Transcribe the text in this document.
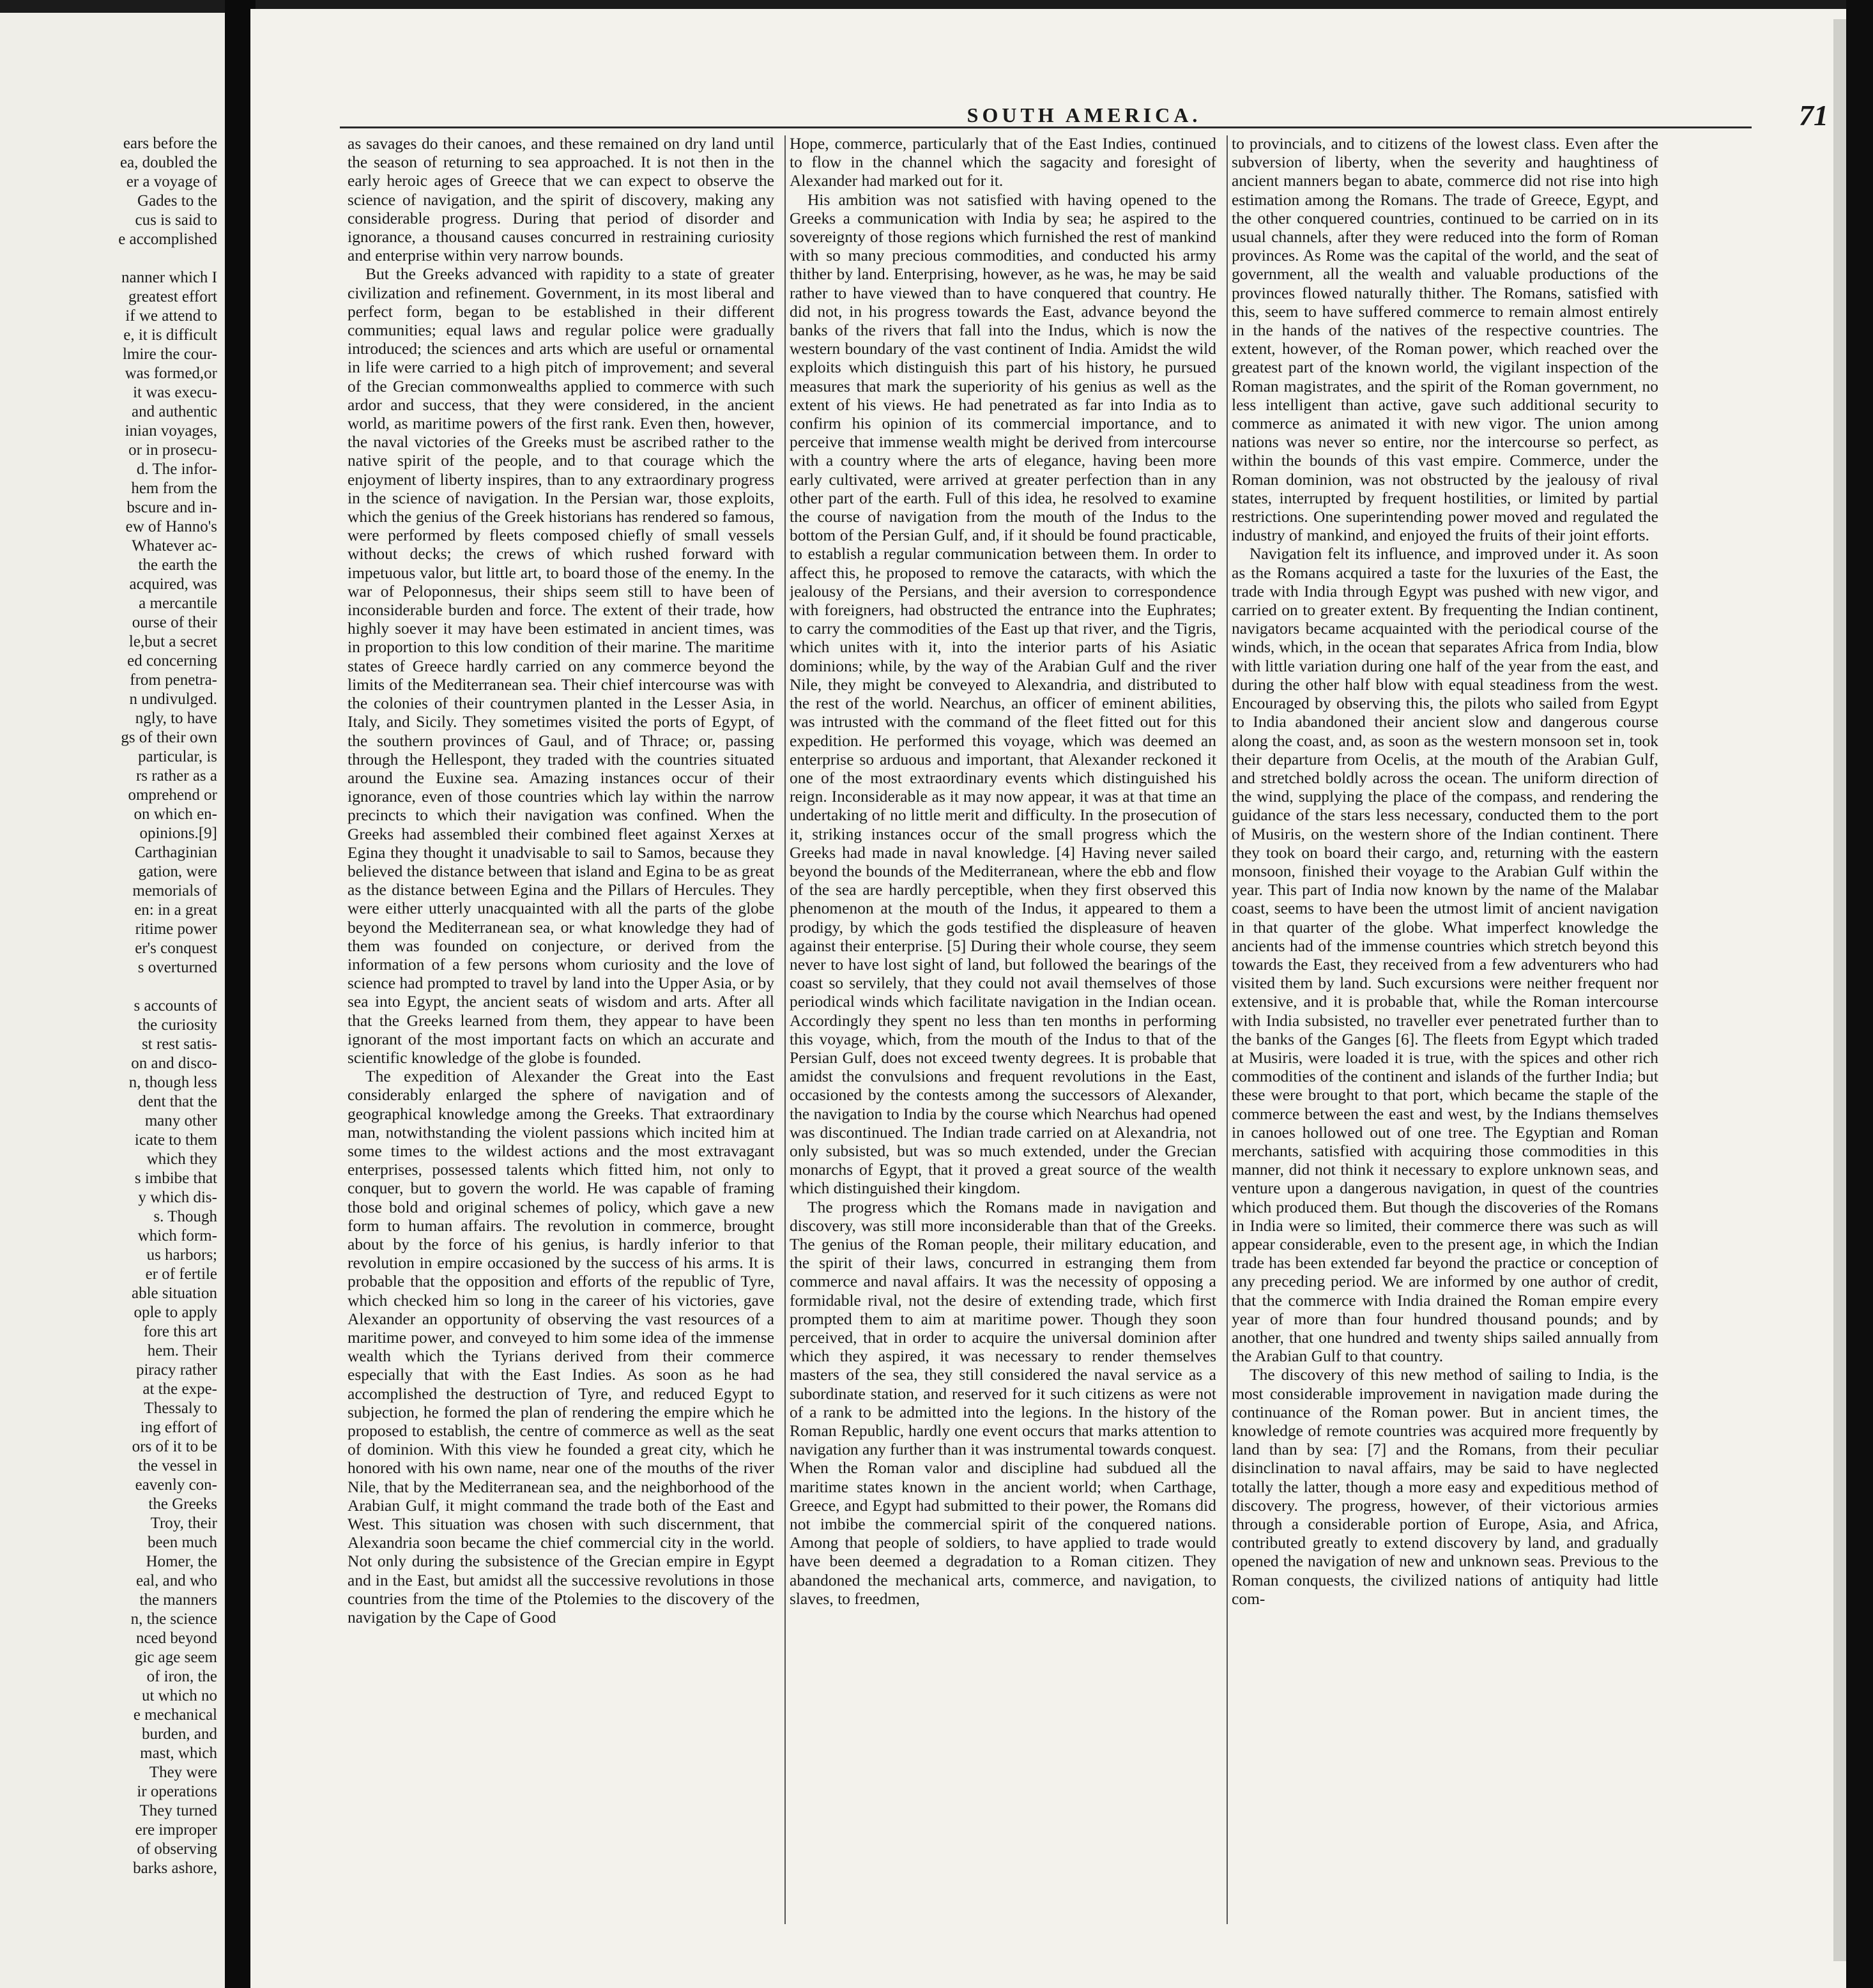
ears before the
ea, doubled the
er a voyage of
Gades to the
cus is said to
e accomplished

nanner which I
greatest effort
if we attend to
e, it is difficult
lmire the cour-
was formed,or
it was execu-
and authentic
inian voyages,
or in prosecu-
d. The infor-
hem from the
bscure and in-
ew of Hanno's
Whatever ac-
the earth the
acquired, was
a mercantile
ourse of their
le,but a secret
ed concerning
from penetra-
n undivulged.
ngly, to have
gs of their own
particular, is
rs rather as a
omprehend or
on which en-
opinions.[9]
Carthaginian
gation, were
memorials of
en: in a great
ritime power
er's conquest
s overturned

s accounts of
the curiosity
st rest satis-
on and disco-
n, though less
dent that the
many other
icate to them
which they
s imbibe that
y which dis-
s. Though
which form-
us harbors;
er of fertile
able situation
ople to apply
fore this art
hem. Their
piracy rather
at the expe-
Thessaly to
ing effort of
ors of it to be
the vessel in
eavenly con-
the Greeks
Troy, their
been much
Homer, the
eal, and who
the manners
n, the science
nced beyond
gic age seem
of iron, the
ut which no
e mechanical
burden, and
mast, which
They were
ir operations
They turned
ere improper
of observing
barks ashore,
SOUTH AMERICA.	71

as savages do their canoes, and these remained on dry land until the season of returning to sea approached. It is not then in the early heroic ages of Greece that we can expect to observe the science of navigation, and the spirit of discovery, making any considerable progress. During that period of disorder and ignorance, a thousand causes concurred in restraining curiosity and enterprise within very narrow bounds.

But the Greeks advanced with rapidity to a state of greater civilization and refinement. Government, in its most liberal and perfect form, began to be established in their different communities; equal laws and regular police were gradually introduced; the sciences and arts which are useful or ornamental in life were carried to a high pitch of improvement; and several of the Grecian commonwealths applied to commerce with such ardor and success, that they were considered, in the ancient world, as maritime powers of the first rank. Even then, however, the naval victories of the Greeks must be ascribed rather to the native spirit of the people, and to that courage which the enjoyment of liberty inspires, than to any extraordinary progress in the science of navigation. In the Persian war, those exploits, which the genius of the Greek historians has rendered so famous, were performed by fleets composed chiefly of small vessels without decks; the crews of which rushed forward with impetuous valor, but little art, to board those of the enemy. In the war of Peloponnesus, their ships seem still to have been of inconsiderable burden and force. The extent of their trade, how highly soever it may have been estimated in ancient times, was in proportion to this low condition of their marine. The maritime states of Greece hardly carried on any commerce beyond the limits of the Mediterranean sea. Their chief intercourse was with the colonies of their countrymen planted in the Lesser Asia, in Italy, and Sicily. They sometimes visited the ports of Egypt, of the southern provinces of Gaul, and of Thrace; or, passing through the Hellespont, they traded with the countries situated around the Euxine sea. Amazing instances occur of their ignorance, even of those countries which lay within the narrow precincts to which their navigation was confined. When the Greeks had assembled their combined fleet against Xerxes at Egina they thought it unadvisable to sail to Samos, because they believed the distance between that island and Egina to be as great as the distance between Egina and the Pillars of Hercules. They were either utterly unacquainted with all the parts of the globe beyond the Mediterranean sea, or what knowledge they had of them was founded on conjecture, or derived from the information of a few persons whom curiosity and the love of science had prompted to travel by land into the Upper Asia, or by sea into Egypt, the ancient seats of wisdom and arts. After all that the Greeks learned from them, they appear to have been ignorant of the most important facts on which an accurate and scientific knowledge of the globe is founded.

The expedition of Alexander the Great into the East considerably enlarged the sphere of navigation and of geographical knowledge among the Greeks. That extraordinary man, notwithstanding the violent passions which incited him at some times to the wildest actions and the most extravagant enterprises, possessed talents which fitted him, not only to conquer, but to govern the world. He was capable of framing those bold and original schemes of policy, which gave a new form to human affairs. The revolution in commerce, brought about by the force of his genius, is hardly inferior to that revolution in empire occasioned by the success of his arms. It is probable that the opposition and efforts of the republic of Tyre, which checked him so long in the career of his victories, gave Alexander an opportunity of observing the vast resources of a maritime power, and conveyed to him some idea of the immense wealth which the Tyrians derived from their commerce especially that with the East Indies. As soon as he had accomplished the destruction of Tyre, and reduced Egypt to subjection, he formed the plan of rendering the empire which he proposed to establish, the centre of commerce as well as the seat of dominion. With this view he founded a great city, which he honored with his own name, near one of the mouths of the river Nile, that by the Mediterranean sea, and the neighborhood of the Arabian Gulf, it might command the trade both of the East and West. This situation was chosen with such discernment, that Alexandria soon became the chief commercial city in the world. Not only during the subsistence of the Grecian empire in Egypt and in the East, but amidst all the successive revolutions in those countries from the time of the Ptolemies to the discovery of the navigation by the Cape of Good

Hope, commerce, particularly that of the East Indies, continued to flow in the channel which the sagacity and foresight of Alexander had marked out for it.

His ambition was not satisfied with having opened to the Greeks a communication with India by sea; he aspired to the sovereignty of those regions which furnished the rest of mankind with so many precious commodities, and conducted his army thither by land. Enterprising, however, as he was, he may be said rather to have viewed than to have conquered that country. He did not, in his progress towards the East, advance beyond the banks of the rivers that fall into the Indus, which is now the western boundary of the vast continent of India. Amidst the wild exploits which distinguish this part of his history, he pursued measures that mark the superiority of his genius as well as the extent of his views. He had penetrated as far into India as to confirm his opinion of its commercial importance, and to perceive that immense wealth might be derived from intercourse with a country where the arts of elegance, having been more early cultivated, were arrived at greater perfection than in any other part of the earth. Full of this idea, he resolved to examine the course of navigation from the mouth of the Indus to the bottom of the Persian Gulf, and, if it should be found practicable, to establish a regular communication between them. In order to affect this, he proposed to remove the cataracts, with which the jealousy of the Persians, and their aversion to correspondence with foreigners, had obstructed the entrance into the Euphrates; to carry the commodities of the East up that river, and the Tigris, which unites with it, into the interior parts of his Asiatic dominions; while, by the way of the Arabian Gulf and the river Nile, they might be conveyed to Alexandria, and distributed to the rest of the world. Nearchus, an officer of eminent abilities, was intrusted with the command of the fleet fitted out for this expedition. He performed this voyage, which was deemed an enterprise so arduous and important, that Alexander reckoned it one of the most extraordinary events which distinguished his reign. Inconsiderable as it may now appear, it was at that time an undertaking of no little merit and difficulty. In the prosecution of it, striking instances occur of the small progress which the Greeks had made in naval knowledge. [4] Having never sailed beyond the bounds of the Mediterranean, where the ebb and flow of the sea are hardly perceptible, when they first observed this phenomenon at the mouth of the Indus, it appeared to them a prodigy, by which the gods testified the displeasure of heaven against their enterprise. [5] During their whole course, they seem never to have lost sight of land, but followed the bearings of the coast so servilely, that they could not avail themselves of those periodical winds which facilitate navigation in the Indian ocean. Accordingly they spent no less than ten months in performing this voyage, which, from the mouth of the Indus to that of the Persian Gulf, does not exceed twenty degrees. It is probable that amidst the convulsions and frequent revolutions in the East, occasioned by the contests among the successors of Alexander, the navigation to India by the course which Nearchus had opened was discontinued. The Indian trade carried on at Alexandria, not only subsisted, but was so much extended, under the Grecian monarchs of Egypt, that it proved a great source of the wealth which distinguished their kingdom.

The progress which the Romans made in navigation and discovery, was still more inconsiderable than that of the Greeks. The genius of the Roman people, their military education, and the spirit of their laws, concurred in estranging them from commerce and naval affairs. It was the necessity of opposing a formidable rival, not the desire of extending trade, which first prompted them to aim at maritime power. Though they soon perceived, that in order to acquire the universal dominion after which they aspired, it was necessary to render themselves masters of the sea, they still considered the naval service as a subordinate station, and reserved for it such citizens as were not of a rank to be admitted into the legions. In the history of the Roman Republic, hardly one event occurs that marks attention to navigation any further than it was instrumental towards conquest. When the Roman valor and discipline had subdued all the maritime states known in the ancient world; when Carthage, Greece, and Egypt had submitted to their power, the Romans did not imbibe the commercial spirit of the conquered nations. Among that people of soldiers, to have applied to trade would have been deemed a degradation to a Roman citizen. They abandoned the mechanical arts, commerce, and navigation, to slaves, to freedmen,

to provincials, and to citizens of the lowest class. Even after the subversion of liberty, when the severity and haughtiness of ancient manners began to abate, commerce did not rise into high estimation among the Romans. The trade of Greece, Egypt, and the other conquered countries, continued to be carried on in its usual channels, after they were reduced into the form of Roman provinces. As Rome was the capital of the world, and the seat of government, all the wealth and valuable productions of the provinces flowed naturally thither. The Romans, satisfied with this, seem to have suffered commerce to remain almost entirely in the hands of the natives of the respective countries. The extent, however, of the Roman power, which reached over the greatest part of the known world, the vigilant inspection of the Roman magistrates, and the spirit of the Roman government, no less intelligent than active, gave such additional security to commerce as animated it with new vigor. The union among nations was never so entire, nor the intercourse so perfect, as within the bounds of this vast empire. Commerce, under the Roman dominion, was not obstructed by the jealousy of rival states, interrupted by frequent hostilities, or limited by partial restrictions. One superintending power moved and regulated the industry of mankind, and enjoyed the fruits of their joint efforts.

Navigation felt its influence, and improved under it. As soon as the Romans acquired a taste for the luxuries of the East, the trade with India through Egypt was pushed with new vigor, and carried on to greater extent. By frequenting the Indian continent, navigators became acquainted with the periodical course of the winds, which, in the ocean that separates Africa from India, blow with little variation during one half of the year from the east, and during the other half blow with equal steadiness from the west. Encouraged by observing this, the pilots who sailed from Egypt to India abandoned their ancient slow and dangerous course along the coast, and, as soon as the western monsoon set in, took their departure from Ocelis, at the mouth of the Arabian Gulf, and stretched boldly across the ocean. The uniform direction of the wind, supplying the place of the compass, and rendering the guidance of the stars less necessary, conducted them to the port of Musiris, on the western shore of the Indian continent. There they took on board their cargo, and, returning with the eastern monsoon, finished their voyage to the Arabian Gulf within the year. This part of India now known by the name of the Malabar coast, seems to have been the utmost limit of ancient navigation in that quarter of the globe. What imperfect knowledge the ancients had of the immense countries which stretch beyond this towards the East, they received from a few adventurers who had visited them by land. Such excursions were neither frequent nor extensive, and it is probable that, while the Roman intercourse with India subsisted, no traveller ever penetrated further than to the banks of the Ganges [6]. The fleets from Egypt which traded at Musiris, were loaded it is true, with the spices and other rich commodities of the continent and islands of the further India; but these were brought to that port, which became the staple of the commerce between the east and west, by the Indians themselves in canoes hollowed out of one tree. The Egyptian and Roman merchants, satisfied with acquiring those commodities in this manner, did not think it necessary to explore unknown seas, and venture upon a dangerous navigation, in quest of the countries which produced them. But though the discoveries of the Romans in India were so limited, their commerce there was such as will appear considerable, even to the present age, in which the Indian trade has been extended far beyond the practice or conception of any preceding period. We are informed by one author of credit, that the commerce with India drained the Roman empire every year of more than four hundred thousand pounds; and by another, that one hundred and twenty ships sailed annually from the Arabian Gulf to that country.

The discovery of this new method of sailing to India, is the most considerable improvement in navigation made during the continuance of the Roman power. But in ancient times, the knowledge of remote countries was acquired more frequently by land than by sea: [7] and the Romans, from their peculiar disinclination to naval affairs, may be said to have neglected totally the latter, though a more easy and expeditious method of discovery. The progress, however, of their victorious armies through a considerable portion of Europe, Asia, and Africa, contributed greatly to extend discovery by land, and gradually opened the navigation of new and unknown seas. Previous to the Roman conquests, the civilized nations of antiquity had little com-
